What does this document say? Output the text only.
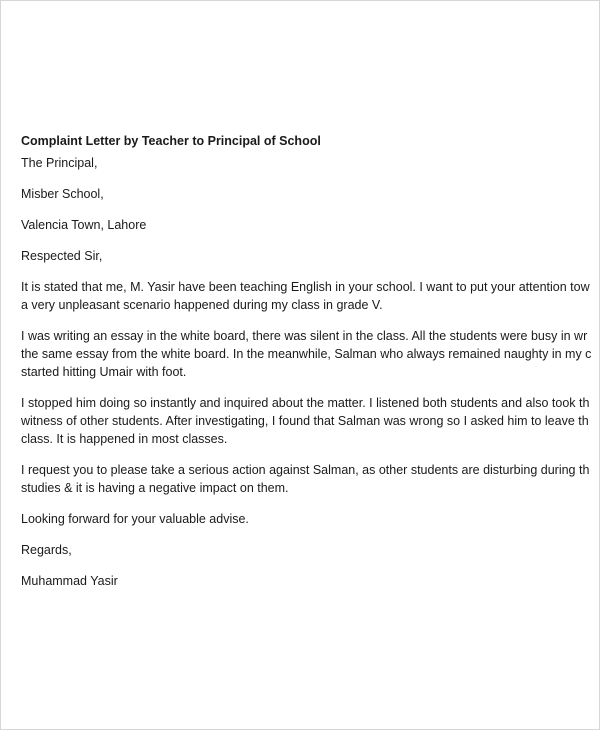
Complaint Letter by Teacher to Principal of School
The Principal,
Misber School,
Valencia Town, Lahore
Respected Sir,
It is stated that me, M. Yasir have been teaching English in your school. I want to put your attention tow
a very unpleasant scenario happened during my class in grade V.
I was writing an essay in the white board, there was silent in the class. All the students were busy in wr
the same essay from the white board. In the meanwhile, Salman who always remained naughty in my c
started hitting Umair with foot.
I stopped him doing so instantly and inquired about the matter. I listened both students and also took th
witness of other students. After investigating, I found that Salman was wrong so I asked him to leave th
class. It is happened in most classes.
I request you to please take a serious action against Salman, as other students are disturbing during th
studies & it is having a negative impact on them.
Looking forward for your valuable advise.
Regards,
Muhammad Yasir
